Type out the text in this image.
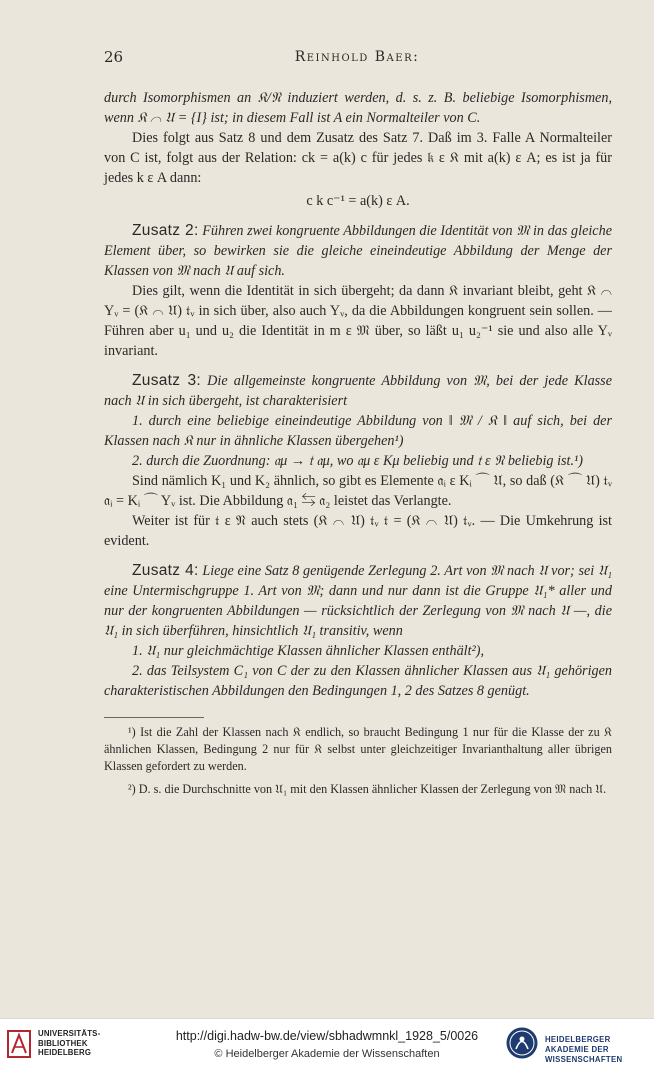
26	Reinhold Baer:

durch Isomorphismen an 𝔎/𝔑 induziert werden, d. s. z. B. beliebige Isomorphismen, wenn 𝔎 ⌒ 𝔘 = {I} ist; in diesem Fall ist A ein Normalteiler von C.

Dies folgt aus Satz 8 und dem Zusatz des Satz 7. Daß im 3. Falle A Normalteiler von C ist, folgt aus der Relation: ck = a(k) c für jedes 𝔨 ε 𝔎 mit a(k) ε A; es ist ja für jedes k ε A dann:

c k c⁻¹ = a(k) ε A.

Zusatz 2: Führen zwei kongruente Abbildungen die Identität von 𝔐 in das gleiche Element über, so bewirken sie die gleiche eineindeutige Abbildung der Menge der Klassen von 𝔐 nach 𝔘 auf sich.

Dies gilt, wenn die Identität in sich übergeht; da dann 𝔎 invariant bleibt, geht 𝔎 ⌒ Yᵥ = (𝔎 ⌒ 𝔘) 𝔱ᵥ in sich über, also auch Yᵥ, da die Abbildungen kongruent sein sollen. — Führen aber u₁ und u₂ die Identität in m ε 𝔐 über, so läßt u₁ u₂⁻¹ sie und also alle Yᵥ invariant.

Zusatz 3: Die allgemeinste kongruente Abbildung von 𝔐, bei der jede Klasse nach 𝔘 in sich übergeht, ist charakterisiert

1. durch eine beliebige eineindeutige Abbildung von ‖ 𝔐 / 𝔎 ‖ auf sich, bei der Klassen nach 𝔎 nur in ähnliche Klassen übergehen¹)

2. durch die Zuordnung: 𝔞μ → 𝔱 𝔞μ, wo 𝔞μ ε Kμ beliebig und 𝔱 ε 𝔑 beliebig ist.¹)

Sind nämlich K₁ und K₂ ähnlich, so gibt es Elemente 𝔞ᵢ ε Kᵢ ⌒ 𝔘, so daß (𝔎 ⌒ 𝔘) 𝔱ᵥ 𝔞ᵢ = Kᵢ ⌒ Yᵥ ist. Die Abbildung 𝔞₁ ⇆ 𝔞₂ leistet das Verlangte.

Weiter ist für 𝔱 ε 𝔑 auch stets (𝔎 ⌒ 𝔘) 𝔱ᵥ 𝔱 = (𝔎 ⌒ 𝔘) 𝔱ᵥ. — Die Umkehrung ist evident.

Zusatz 4: Liege eine Satz 8 genügende Zerlegung 2. Art von 𝔐 nach 𝔘 vor; sei 𝔘₁ eine Untermischgruppe 1. Art von 𝔐; dann und nur dann ist die Gruppe 𝔘₁* aller und nur der kongruenten Abbildungen — rücksichtlich der Zerlegung von 𝔐 nach 𝔘 —, die 𝔘₁ in sich überführen, hinsichtlich 𝔘₁ transitiv, wenn

1. 𝔘₁ nur gleichmächtige Klassen ähnlicher Klassen enthält²),

2. das Teilsystem C₁ von C der zu den Klassen ähnlicher Klassen aus 𝔘₁ gehörigen charakteristischen Abbildungen den Bedingungen 1, 2 des Satzes 8 genügt.

¹) Ist die Zahl der Klassen nach 𝔎 endlich, so braucht Bedingung 1 nur für die Klasse der zu 𝔎 ähnlichen Klassen, Bedingung 2 nur für 𝔎 selbst unter gleichzeitiger Invarianthaltung aller übrigen Klassen gefordert zu werden.

²) D. s. die Durchschnitte von 𝔘₁ mit den Klassen ähnlicher Klassen der Zerlegung von 𝔐 nach 𝔘.

UNIVERSITÄTS- BIBLIOTHEK HEIDELBERG
http://digi.hadw-bw.de/view/sbhadwmnkl_1928_5/0026
© Heidelberger Akademie der Wissenschaften
HEIDELBERGER AKADEMIE DER WISSENSCHAFTEN
